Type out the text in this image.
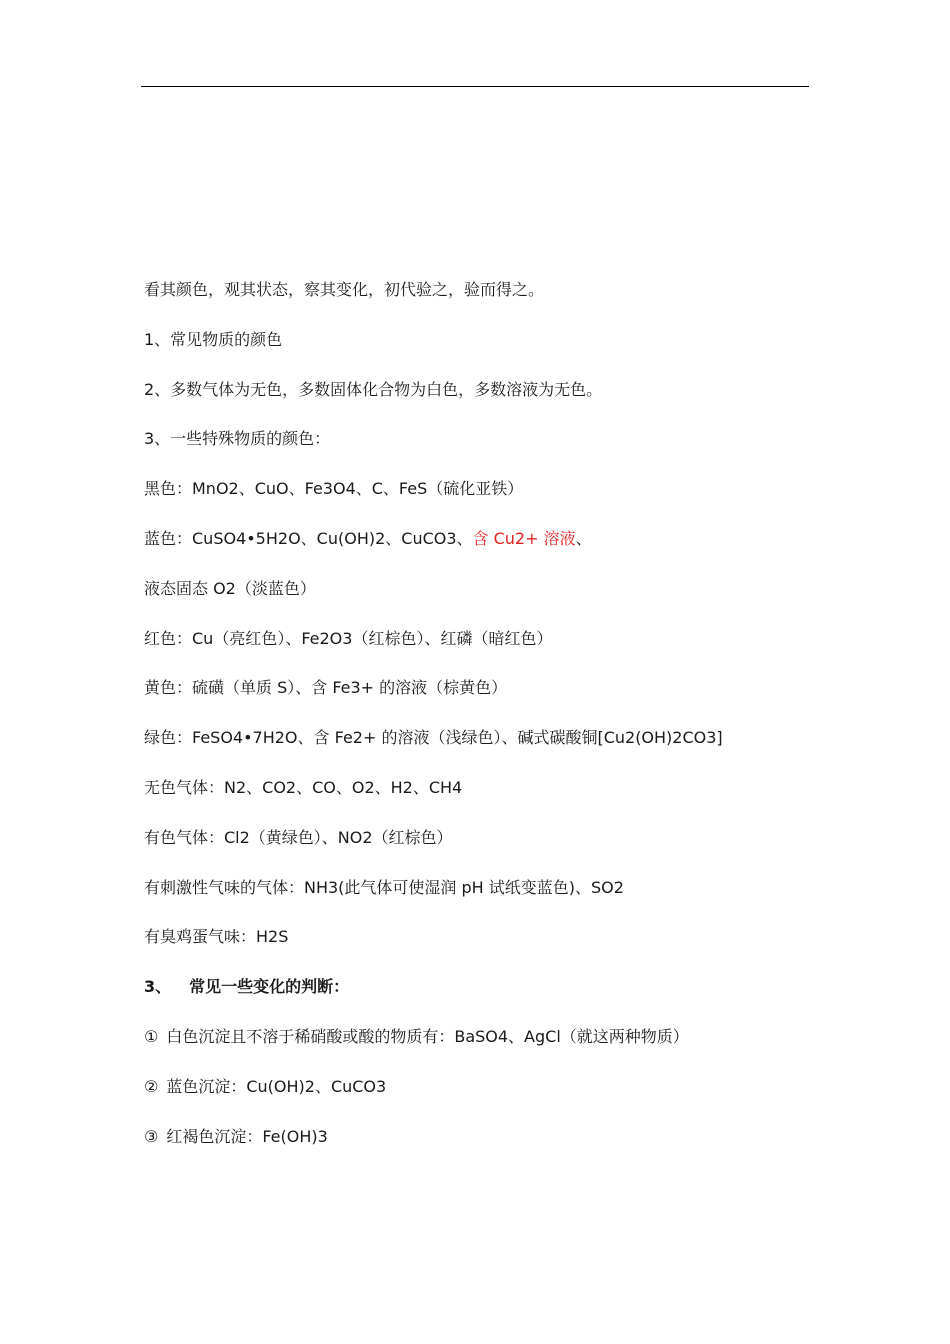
看其颜色，观其状态，察其变化，初代验之，验而得之。
1、常见物质的颜色
2、多数气体为无色，多数固体化合物为白色，多数溶液为无色。
3、一些特殊物质的颜色：
黑色：MnO2、CuO、Fe3O4、C、FeS（硫化亚铁）
蓝色：CuSO4•5H2O、Cu(OH)2、CuCO3、含 Cu2+ 溶液、
液态固态 O2（淡蓝色）
红色：Cu（亮红色）、Fe2O3（红棕色）、红磷（暗红色）
黄色：硫磺（单质 S）、含 Fe3+ 的溶液（棕黄色）
绿色：FeSO4•7H2O、含 Fe2+ 的溶液（浅绿色）、碱式碳酸铜[Cu2(OH)2CO3]
无色气体：N2、CO2、CO、O2、H2、CH4
有色气体：Cl2（黄绿色）、NO2（红棕色）
有刺激性气味的气体：NH3(此气体可使湿润 pH 试纸变蓝色)、SO2
有臭鸡蛋气味：H2S
3、 常见一些变化的判断：
① 白色沉淀且不溶于稀硝酸或酸的物质有：BaSO4、AgCl（就这两种物质）
② 蓝色沉淀：Cu(OH)2、CuCO3
③ 红褐色沉淀：Fe(OH)3
